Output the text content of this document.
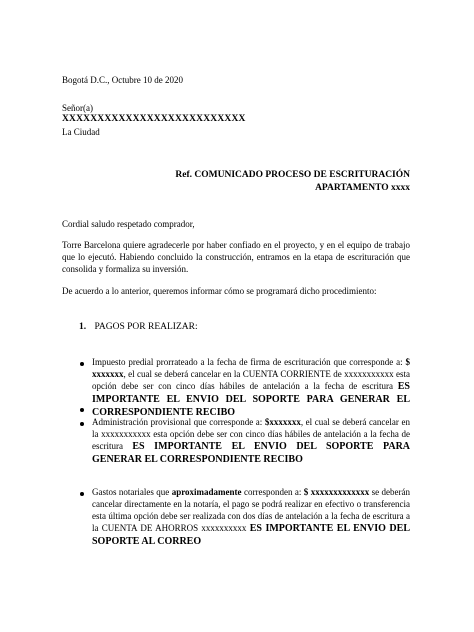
Bogotá D.C., Octubre 10 de 2020

Señor(a)

XXXXXXXXXXXXXXXXXXXXXXXXXX

La Ciudad

Ref. COMUNICADO PROCESO DE ESCRITURACIÓN

APARTAMENTO xxxx

Cordial saludo respetado comprador,

Torre Barcelona quiere agradecerle por haber confiado en el proyecto, y en el equipo de trabajo que lo ejecutó. Habiendo concluido la construcción, entramos en la etapa de escrituración que consolida y formaliza su inversión.

De acuerdo a lo anterior, queremos informar cómo se programará dicho procedimiento:

1. PAGOS POR REALIZAR:

Impuesto predial prorrateado a la fecha de firma de escrituración que corresponde a: $ xxxxxxx, el cual se deberá cancelar en la CUENTA CORRIENTE de xxxxxxxxxxx esta opción debe ser con cinco días hábiles de antelación a la fecha de escritura ES IMPORTANTE EL ENVIO DEL SOPORTE PARA GENERAR EL CORRESPONDIENTE RECIBO

Administración provisional que corresponde a: $xxxxxxx, el cual se deberá cancelar en la xxxxxxxxxxx esta opción debe ser con cinco días hábiles de antelación a la fecha de escritura ES IMPORTANTE EL ENVIO DEL SOPORTE PARA GENERAR EL CORRESPONDIENTE RECIBO

Gastos notariales que aproximadamente corresponden a: $ xxxxxxxxxxxxx se deberán cancelar directamente en la notaría, el pago se podrá realizar en efectivo o transferencia esta última opción debe ser realizada con dos días de antelación a la fecha de escritura a la CUENTA DE AHORROS xxxxxxxxxx ES IMPORTANTE EL ENVIO DEL SOPORTE AL CORREO
